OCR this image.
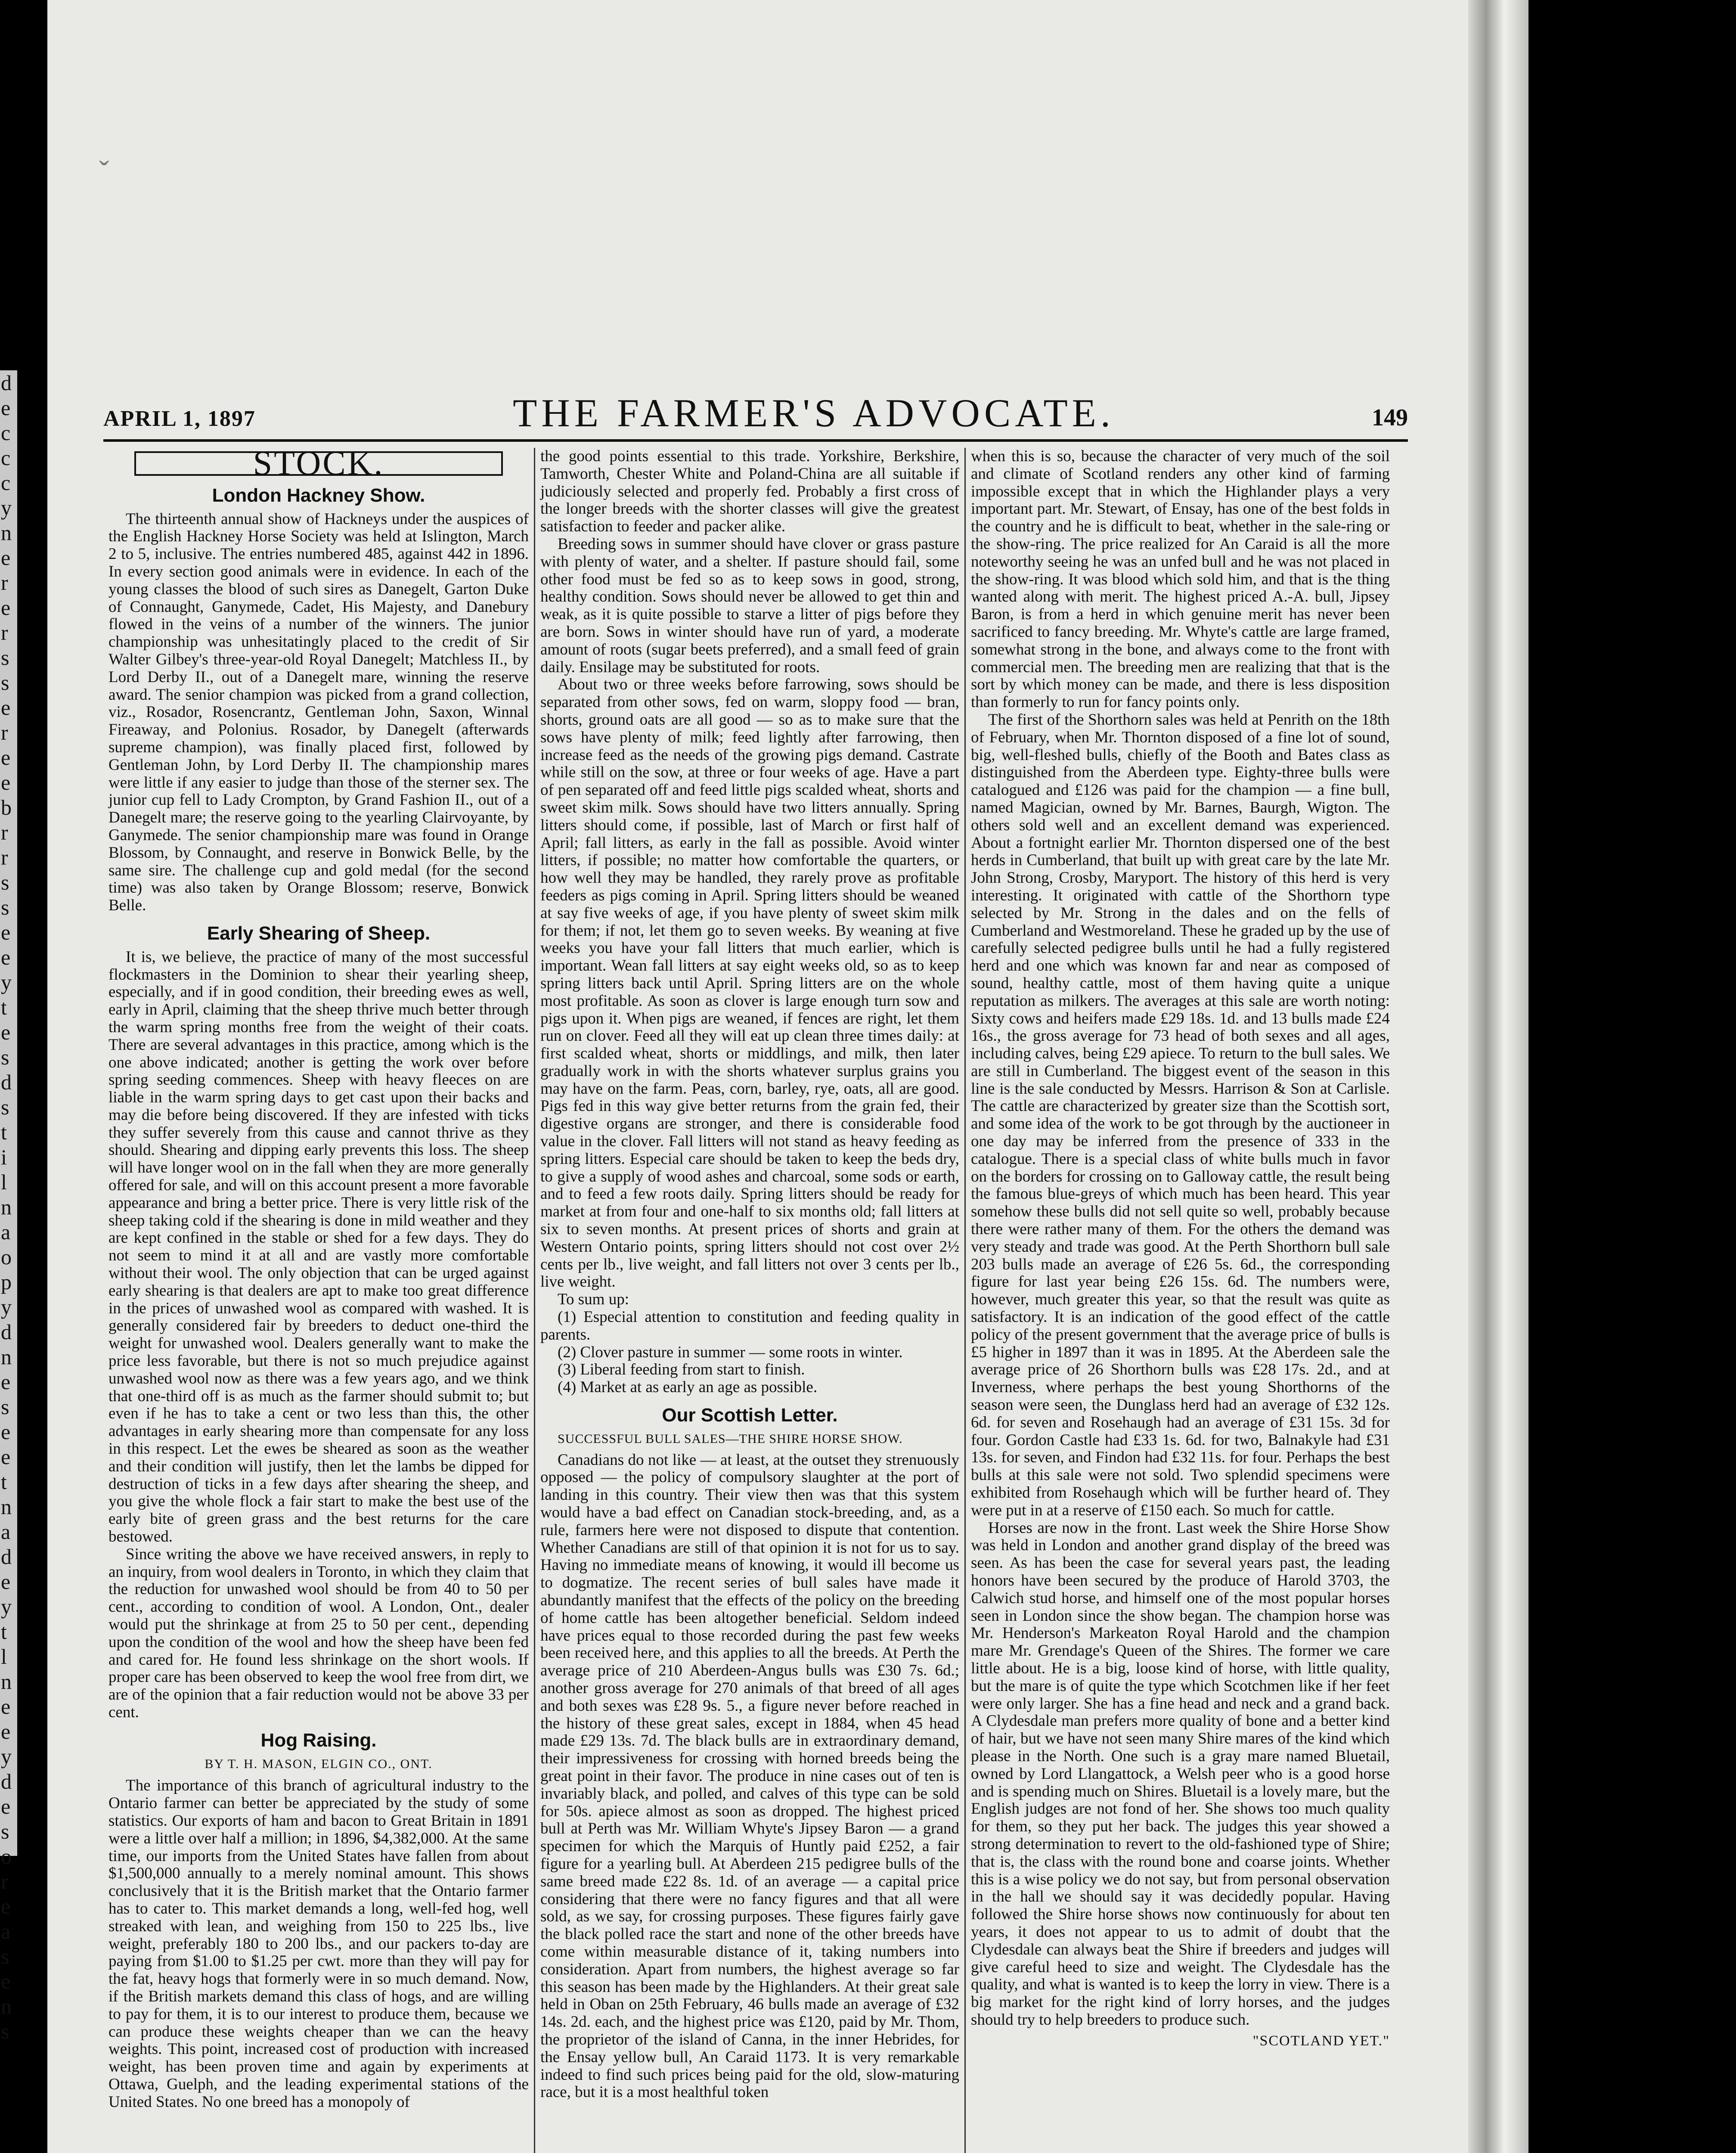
d
e
c
c
c
y
n
e
r
e
r
s
s
e
r
e
e
b
r
r
s
s
e
e
y
t
e
s
d
s
t
i
l
n
a
o
p
y
d
n
e
s
e
e
t
n
a
d
e
y
t
l
n
e
e
y
d
e
s
o
r
e
a
s
e
n
s
ˇ
APRIL 1, 1897	THE FARMER'S ADVOCATE.	149
STOCK.
London Hackney Show.

The thirteenth annual show of Hackneys under the auspices of the English Hackney Horse Society was held at Islington, March 2 to 5, inclusive. The entries numbered 485, against 442 in 1896. In every section good animals were in evidence. In each of the young classes the blood of such sires as Danegelt, Garton Duke of Connaught, Ganymede, Cadet, His Majesty, and Danebury flowed in the veins of a number of the winners. The junior championship was unhesitatingly placed to the credit of Sir Walter Gilbey's three-year-old Royal Danegelt; Matchless II., by Lord Derby II., out of a Danegelt mare, winning the reserve award. The senior champion was picked from a grand collection, viz., Rosador, Rosencrantz, Gentleman John, Saxon, Winnal Fireaway, and Polonius. Rosador, by Danegelt (afterwards supreme champion), was finally placed first, followed by Gentleman John, by Lord Derby II. The championship mares were little if any easier to judge than those of the sterner sex. The junior cup fell to Lady Crompton, by Grand Fashion II., out of a Danegelt mare; the reserve going to the yearling Clairvoyante, by Ganymede. The senior championship mare was found in Orange Blossom, by Connaught, and reserve in Bonwick Belle, by the same sire. The challenge cup and gold medal (for the second time) was also taken by Orange Blossom; reserve, Bonwick Belle.

Early Shearing of Sheep.

It is, we believe, the practice of many of the most successful flockmasters in the Dominion to shear their yearling sheep, especially, and if in good condition, their breeding ewes as well, early in April, claiming that the sheep thrive much better through the warm spring months free from the weight of their coats. There are several advantages in this practice, among which is the one above indicated; another is getting the work over before spring seeding commences. Sheep with heavy fleeces on are liable in the warm spring days to get cast upon their backs and may die before being discovered. If they are infested with ticks they suffer severely from this cause and cannot thrive as they should. Shearing and dipping early prevents this loss. The sheep will have longer wool on in the fall when they are more generally offered for sale, and will on this account present a more favorable appearance and bring a better price. There is very little risk of the sheep taking cold if the shearing is done in mild weather and they are kept confined in the stable or shed for a few days. They do not seem to mind it at all and are vastly more comfortable without their wool. The only objection that can be urged against early shearing is that dealers are apt to make too great difference in the prices of unwashed wool as compared with washed. It is generally considered fair by breeders to deduct one-third the weight for unwashed wool. Dealers generally want to make the price less favorable, but there is not so much prejudice against unwashed wool now as there was a few years ago, and we think that one-third off is as much as the farmer should submit to; but even if he has to take a cent or two less than this, the other advantages in early shearing more than compensate for any loss in this respect. Let the ewes be sheared as soon as the weather and their condition will justify, then let the lambs be dipped for destruction of ticks in a few days after shearing the sheep, and you give the whole flock a fair start to make the best use of the early bite of green grass and the best returns for the care bestowed.

Since writing the above we have received answers, in reply to an inquiry, from wool dealers in Toronto, in which they claim that the reduction for unwashed wool should be from 40 to 50 per cent., according to condition of wool. A London, Ont., dealer would put the shrinkage at from 25 to 50 per cent., depending upon the condition of the wool and how the sheep have been fed and cared for. He found less shrinkage on the short wools. If proper care has been observed to keep the wool free from dirt, we are of the opinion that a fair reduction would not be above 33 per cent.

Hog Raising.
BY T. H. MASON, ELGIN CO., ONT.

The importance of this branch of agricultural industry to the Ontario farmer can better be appreciated by the study of some statistics. Our exports of ham and bacon to Great Britain in 1891 were a little over half a million; in 1896, $4,382,000. At the same time, our imports from the United States have fallen from about $1,500,000 annually to a merely nominal amount. This shows conclusively that it is the British market that the Ontario farmer has to cater to. This market demands a long, well-fed hog, well streaked with lean, and weighing from 150 to 225 lbs., live weight, preferably 180 to 200 lbs., and our packers to-day are paying from $1.00 to $1.25 per cwt. more than they will pay for the fat, heavy hogs that formerly were in so much demand. Now, if the British markets demand this class of hogs, and are willing to pay for them, it is to our interest to produce them, because we can produce these weights cheaper than we can the heavy weights. This point, increased cost of production with increased weight, has been proven time and again by experiments at Ottawa, Guelph, and the leading experimental stations of the United States. No one breed has a monopoly of

the good points essential to this trade. Yorkshire, Berkshire, Tamworth, Chester White and Poland-China are all suitable if judiciously selected and properly fed. Probably a first cross of the longer breeds with the shorter classes will give the greatest satisfaction to feeder and packer alike.

Breeding sows in summer should have clover or grass pasture with plenty of water, and a shelter. If pasture should fail, some other food must be fed so as to keep sows in good, strong, healthy condition. Sows should never be allowed to get thin and weak, as it is quite possible to starve a litter of pigs before they are born. Sows in winter should have run of yard, a moderate amount of roots (sugar beets preferred), and a small feed of grain daily. Ensilage may be substituted for roots.

About two or three weeks before farrowing, sows should be separated from other sows, fed on warm, sloppy food — bran, shorts, ground oats are all good — so as to make sure that the sows have plenty of milk; feed lightly after farrowing, then increase feed as the needs of the growing pigs demand. Castrate while still on the sow, at three or four weeks of age. Have a part of pen separated off and feed little pigs scalded wheat, shorts and sweet skim milk. Sows should have two litters annually. Spring litters should come, if possible, last of March or first half of April; fall litters, as early in the fall as possible. Avoid winter litters, if possible; no matter how comfortable the quarters, or how well they may be handled, they rarely prove as profitable feeders as pigs coming in April. Spring litters should be weaned at say five weeks of age, if you have plenty of sweet skim milk for them; if not, let them go to seven weeks. By weaning at five weeks you have your fall litters that much earlier, which is important. Wean fall litters at say eight weeks old, so as to keep spring litters back until April. Spring litters are on the whole most profitable. As soon as clover is large enough turn sow and pigs upon it. When pigs are weaned, if fences are right, let them run on clover. Feed all they will eat up clean three times daily: at first scalded wheat, shorts or middlings, and milk, then later gradually work in with the shorts whatever surplus grains you may have on the farm. Peas, corn, barley, rye, oats, all are good. Pigs fed in this way give better returns from the grain fed, their digestive organs are stronger, and there is considerable food value in the clover. Fall litters will not stand as heavy feeding as spring litters. Especial care should be taken to keep the beds dry, to give a supply of wood ashes and charcoal, some sods or earth, and to feed a few roots daily. Spring litters should be ready for market at from four and one-half to six months old; fall litters at six to seven months. At present prices of shorts and grain at Western Ontario points, spring litters should not cost over 2½ cents per lb., live weight, and fall litters not over 3 cents per lb., live weight.

To sum up:

(1) Especial attention to constitution and feeding quality in parents.

(2) Clover pasture in summer — some roots in winter.

(3) Liberal feeding from start to finish.

(4) Market at as early an age as possible.

Our Scottish Letter.
SUCCESSFUL BULL SALES—THE SHIRE HORSE SHOW.

Canadians do not like — at least, at the outset they strenuously opposed — the policy of compulsory slaughter at the port of landing in this country. Their view then was that this system would have a bad effect on Canadian stock-breeding, and, as a rule, farmers here were not disposed to dispute that contention. Whether Canadians are still of that opinion it is not for us to say. Having no immediate means of knowing, it would ill become us to dogmatize. The recent series of bull sales have made it abundantly manifest that the effects of the policy on the breeding of home cattle has been altogether beneficial. Seldom indeed have prices equal to those recorded during the past few weeks been received here, and this applies to all the breeds. At Perth the average price of 210 Aberdeen-Angus bulls was £30 7s. 6d.; another gross average for 270 animals of that breed of all ages and both sexes was £28 9s. 5., a figure never before reached in the history of these great sales, except in 1884, when 45 head made £29 13s. 7d. The black bulls are in extraordinary demand, their impressiveness for crossing with horned breeds being the great point in their favor. The produce in nine cases out of ten is invariably black, and polled, and calves of this type can be sold for 50s. apiece almost as soon as dropped. The highest priced bull at Perth was Mr. William Whyte's Jipsey Baron — a grand specimen for which the Marquis of Huntly paid £252, a fair figure for a yearling bull. At Aberdeen 215 pedigree bulls of the same breed made £22 8s. 1d. of an average — a capital price considering that there were no fancy figures and that all were sold, as we say, for crossing purposes. These figures fairly gave the black polled race the start and none of the other breeds have come within measurable distance of it, taking numbers into consideration. Apart from numbers, the highest average so far this season has been made by the Highlanders. At their great sale held in Oban on 25th February, 46 bulls made an average of £32 14s. 2d. each, and the highest price was £120, paid by Mr. Thom, the proprietor of the island of Canna, in the inner Hebrides, for the Ensay yellow bull, An Caraid 1173. It is very remarkable indeed to find such prices being paid for the old, slow-maturing race, but it is a most healthful token

when this is so, because the character of very much of the soil and climate of Scotland renders any other kind of farming impossible except that in which the Highlander plays a very important part. Mr. Stewart, of Ensay, has one of the best folds in the country and he is difficult to beat, whether in the sale-ring or the show-ring. The price realized for An Caraid is all the more noteworthy seeing he was an unfed bull and he was not placed in the show-ring. It was blood which sold him, and that is the thing wanted along with merit. The highest priced A.-A. bull, Jipsey Baron, is from a herd in which genuine merit has never been sacrificed to fancy breeding. Mr. Whyte's cattle are large framed, somewhat strong in the bone, and always come to the front with commercial men. The breeding men are realizing that that is the sort by which money can be made, and there is less disposition than formerly to run for fancy points only.

The first of the Shorthorn sales was held at Penrith on the 18th of February, when Mr. Thornton disposed of a fine lot of sound, big, well-fleshed bulls, chiefly of the Booth and Bates class as distinguished from the Aberdeen type. Eighty-three bulls were catalogued and £126 was paid for the champion — a fine bull, named Magician, owned by Mr. Barnes, Baurgh, Wigton. The others sold well and an excellent demand was experienced. About a fortnight earlier Mr. Thornton dispersed one of the best herds in Cumberland, that built up with great care by the late Mr. John Strong, Crosby, Maryport. The history of this herd is very interesting. It originated with cattle of the Shorthorn type selected by Mr. Strong in the dales and on the fells of Cumberland and Westmoreland. These he graded up by the use of carefully selected pedigree bulls until he had a fully registered herd and one which was known far and near as composed of sound, healthy cattle, most of them having quite a unique reputation as milkers. The averages at this sale are worth noting: Sixty cows and heifers made £29 18s. 1d. and 13 bulls made £24 16s., the gross average for 73 head of both sexes and all ages, including calves, being £29 apiece. To return to the bull sales. We are still in Cumberland. The biggest event of the season in this line is the sale conducted by Messrs. Harrison & Son at Carlisle. The cattle are characterized by greater size than the Scottish sort, and some idea of the work to be got through by the auctioneer in one day may be inferred from the presence of 333 in the catalogue. There is a special class of white bulls much in favor on the borders for crossing on to Galloway cattle, the result being the famous blue-greys of which much has been heard. This year somehow these bulls did not sell quite so well, probably because there were rather many of them. For the others the demand was very steady and trade was good. At the Perth Shorthorn bull sale 203 bulls made an average of £26 5s. 6d., the corresponding figure for last year being £26 15s. 6d. The numbers were, however, much greater this year, so that the result was quite as satisfactory. It is an indication of the good effect of the cattle policy of the present government that the average price of bulls is £5 higher in 1897 than it was in 1895. At the Aberdeen sale the average price of 26 Shorthorn bulls was £28 17s. 2d., and at Inverness, where perhaps the best young Shorthorns of the season were seen, the Dunglass herd had an average of £32 12s. 6d. for seven and Rosehaugh had an average of £31 15s. 3d for four. Gordon Castle had £33 1s. 6d. for two, Balnakyle had £31 13s. for seven, and Findon had £32 11s. for four. Perhaps the best bulls at this sale were not sold. Two splendid specimens were exhibited from Rosehaugh which will be further heard of. They were put in at a reserve of £150 each. So much for cattle.

Horses are now in the front. Last week the Shire Horse Show was held in London and another grand display of the breed was seen. As has been the case for several years past, the leading honors have been secured by the produce of Harold 3703, the Calwich stud horse, and himself one of the most popular horses seen in London since the show began. The champion horse was Mr. Henderson's Markeaton Royal Harold and the champion mare Mr. Grendage's Queen of the Shires. The former we care little about. He is a big, loose kind of horse, with little quality, but the mare is of quite the type which Scotchmen like if her feet were only larger. She has a fine head and neck and a grand back. A Clydesdale man prefers more quality of bone and a better kind of hair, but we have not seen many Shire mares of the kind which please in the North. One such is a gray mare named Bluetail, owned by Lord Llangattock, a Welsh peer who is a good horse and is spending much on Shires. Bluetail is a lovely mare, but the English judges are not fond of her. She shows too much quality for them, so they put her back. The judges this year showed a strong determination to revert to the old-fashioned type of Shire; that is, the class with the round bone and coarse joints. Whether this is a wise policy we do not say, but from personal observation in the hall we should say it was decidedly popular. Having followed the Shire horse shows now continuously for about ten years, it does not appear to us to admit of doubt that the Clydesdale can always beat the Shire if breeders and judges will give careful heed to size and weight. The Clydesdale has the quality, and what is wanted is to keep the lorry in view. There is a big market for the right kind of lorry horses, and the judges should try to help breeders to produce such.

"SCOTLAND YET."
